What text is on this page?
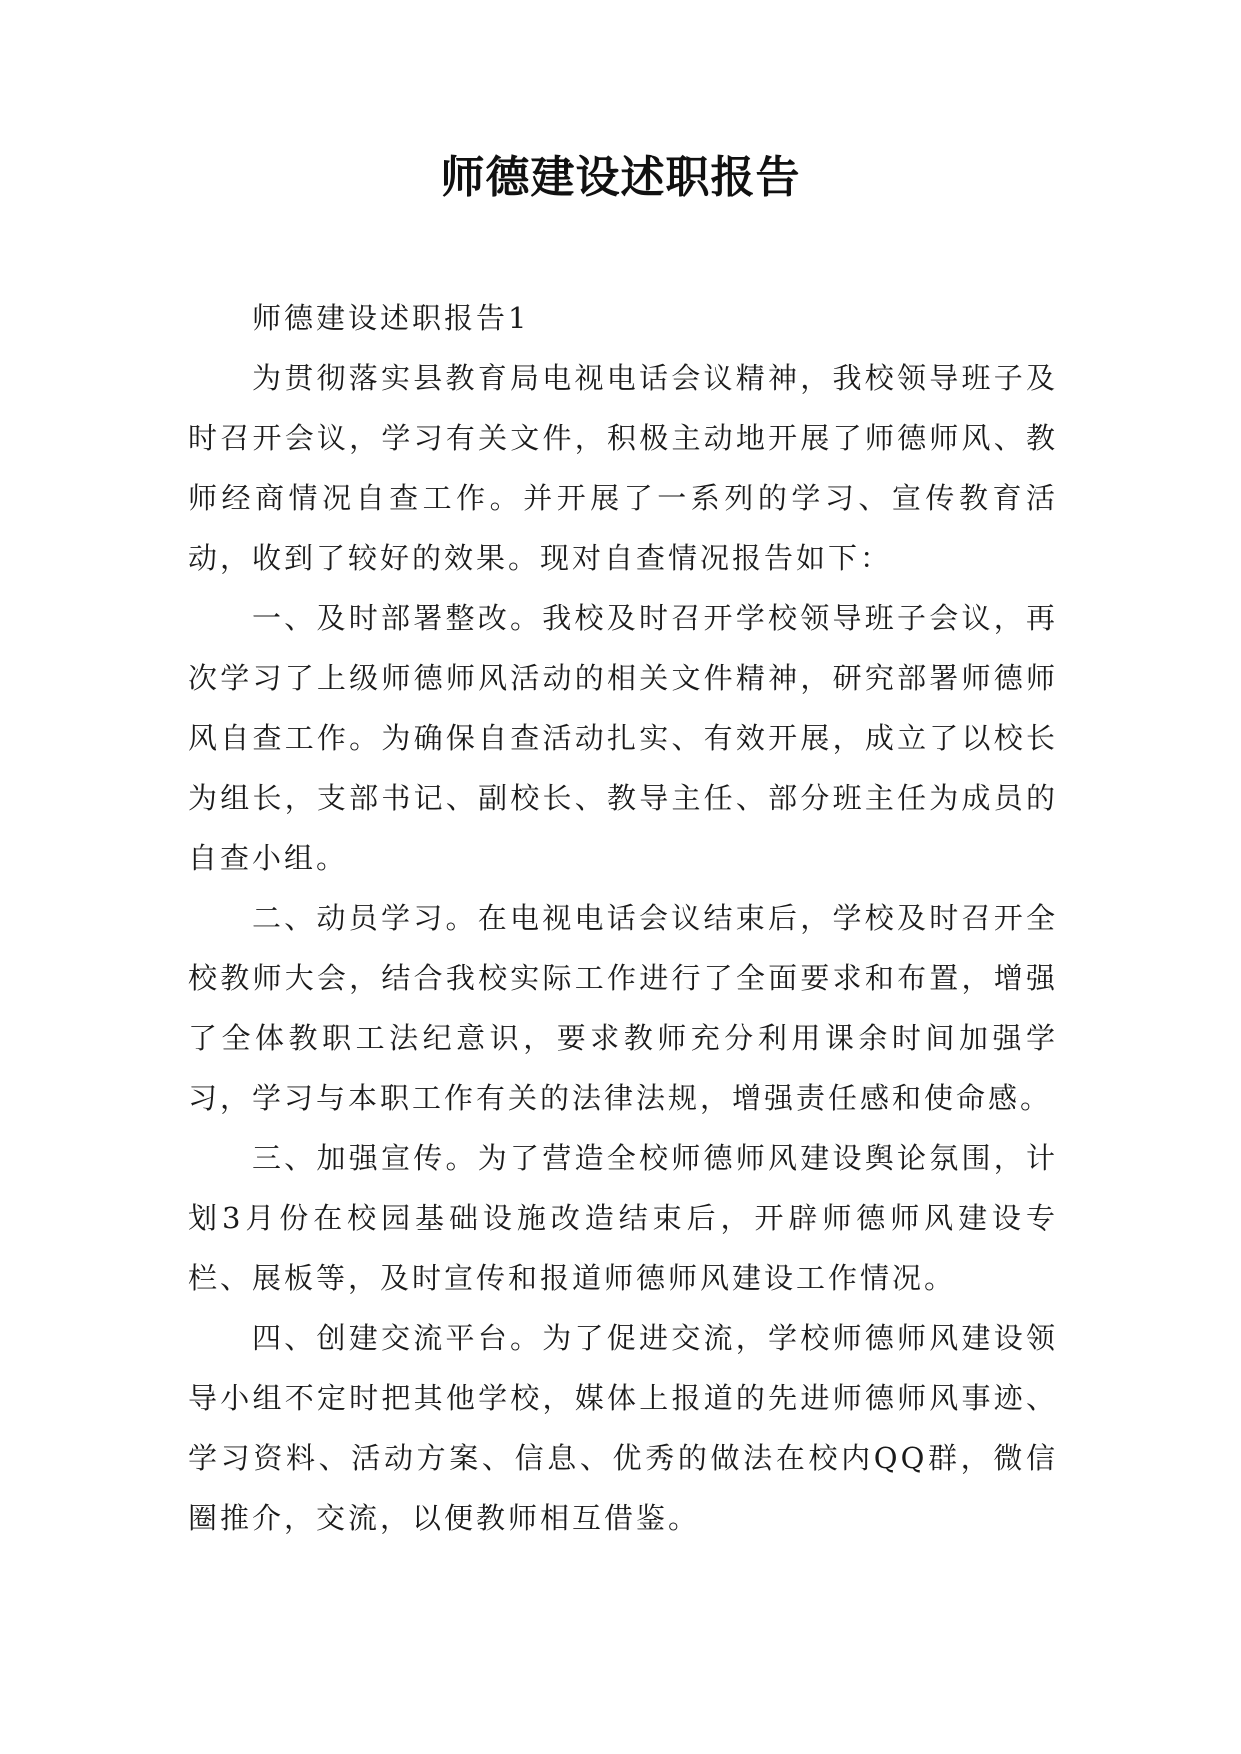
师德建设述职报告

师德建设述职报告1

为贯彻落实县教育局电视电话会议精神，我校领导班子及时召开会议，学习有关文件，积极主动地开展了师德师风、教师经商情况自查工作。并开展了一系列的学习、宣传教育活动，收到了较好的效果。现对自查情况报告如下：

一、及时部署整改。我校及时召开学校领导班子会议，再次学习了上级师德师风活动的相关文件精神，研究部署师德师风自查工作。为确保自查活动扎实、有效开展，成立了以校长为组长，支部书记、副校长、教导主任、部分班主任为成员的自查小组。

二、动员学习。在电视电话会议结束后，学校及时召开全校教师大会，结合我校实际工作进行了全面要求和布置，增强了全体教职工法纪意识，要求教师充分利用课余时间加强学习，学习与本职工作有关的法律法规，增强责任感和使命感。

三、加强宣传。为了营造全校师德师风建设舆论氛围，计划3月份在校园基础设施改造结束后，开辟师德师风建设专栏、展板等，及时宣传和报道师德师风建设工作情况。

四、创建交流平台。为了促进交流，学校师德师风建设领导小组不定时把其他学校，媒体上报道的先进师德师风事迹、学习资料、活动方案、信息、优秀的做法在校内QQ群，微信圈推介，交流，以便教师相互借鉴。
